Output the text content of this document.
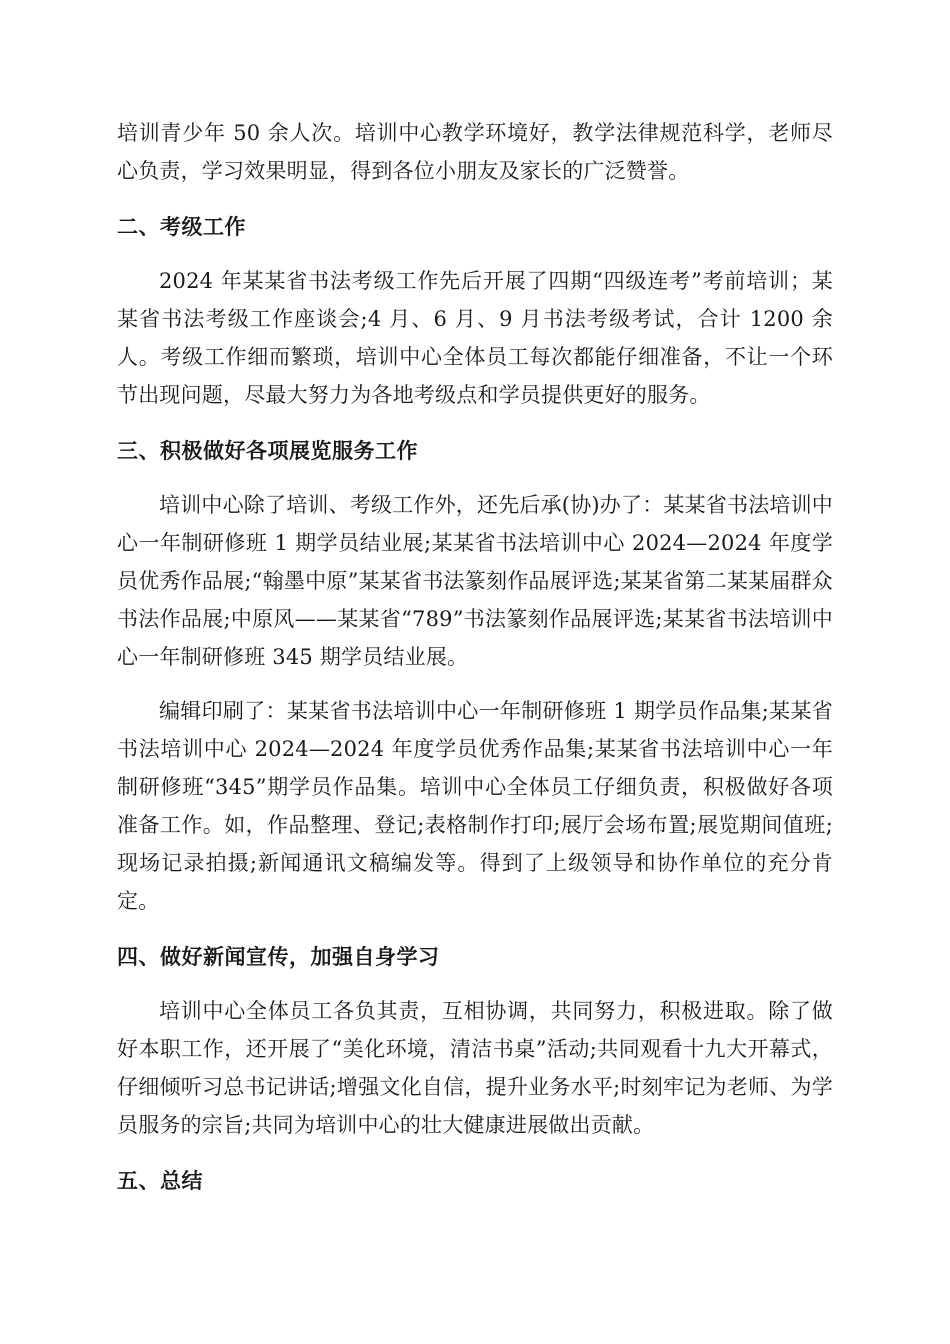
培训青少年 50 余人次。培训中心教学环境好，教学法律规范科学，老师尽心负责，学习效果明显，得到各位小朋友及家长的广泛赞誉。

二、考级工作

2024 年某某省书法考级工作先后开展了四期“四级连考”考前培训；某某省书法考级工作座谈会;4 月、6 月、9 月书法考级考试，合计 1200 余人。考级工作细而繁琐，培训中心全体员工每次都能仔细准备，不让一个环节出现问题，尽最大努力为各地考级点和学员提供更好的服务。

三、积极做好各项展览服务工作

培训中心除了培训、考级工作外，还先后承(协)办了：某某省书法培训中心一年制研修班 1 期学员结业展;某某省书法培训中心 2024—2024 年度学员优秀作品展;“翰墨中原”某某省书法篆刻作品展评选;某某省第二某某届群众书法作品展;中原风——某某省“789”书法篆刻作品展评选;某某省书法培训中心一年制研修班 345 期学员结业展。

编辑印刷了：某某省书法培训中心一年制研修班 1 期学员作品集;某某省书法培训中心 2024—2024 年度学员优秀作品集;某某省书法培训中心一年制研修班“345”期学员作品集。培训中心全体员工仔细负责，积极做好各项准备工作。如，作品整理、登记;表格制作打印;展厅会场布置;展览期间值班;现场记录拍摄;新闻通讯文稿编发等。得到了上级领导和协作单位的充分肯定。

四、做好新闻宣传，加强自身学习

培训中心全体员工各负其责，互相协调，共同努力，积极进取。除了做好本职工作，还开展了“美化环境，清洁书桌”活动;共同观看十九大开幕式，仔细倾听习总书记讲话;增强文化自信，提升业务水平;时刻牢记为老师、为学员服务的宗旨;共同为培训中心的壮大健康进展做出贡献。

五、总结
